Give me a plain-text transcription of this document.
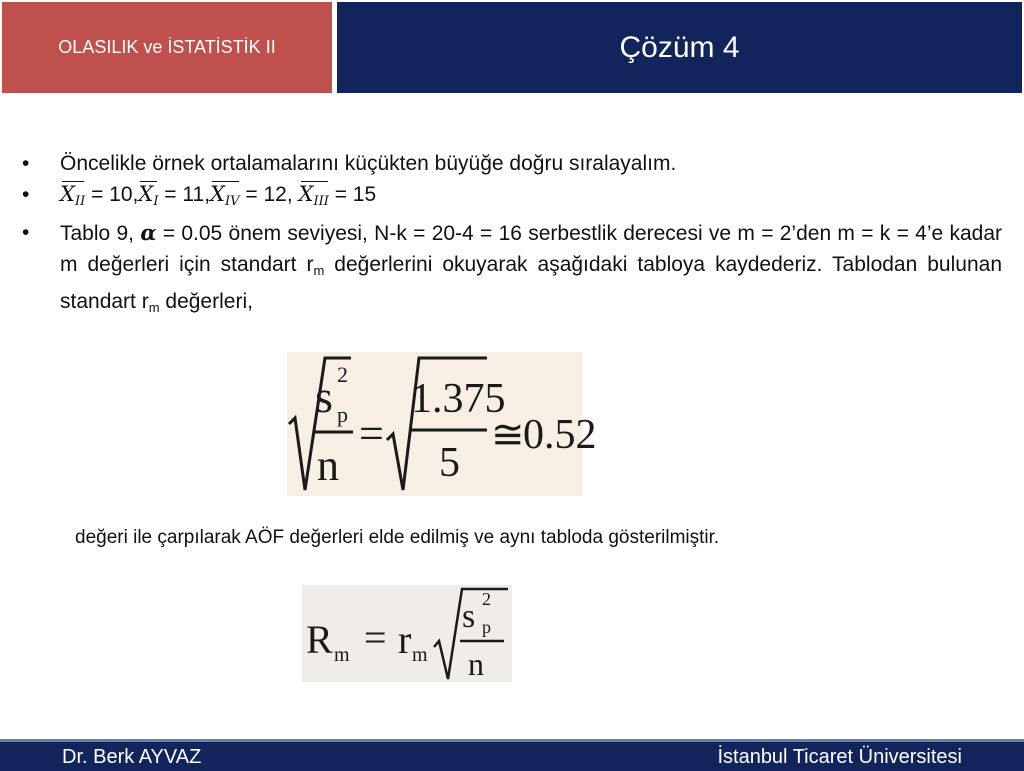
OLASILIK ve İSTATİSTİK II	Çözüm 4
• Öncelikle örnek ortalamalarını küçükten büyüğe doğru sıralayalım.
• $X_{II} = 10$,
$X_I = 11$,
$X_{IV} = 12$,
$X_{III} = 15$
• Tablo 9, α = 0.05 önem seviyesi, N-k = 20-4 = 16 serbestlik derecesi ve m = 2’den m = k = 4’e kadar m değerleri için standart $r_m$ değerlerini okuyarak aşağıdaki tabloya kaydederiz. Tablodan bulunan standart $r_m$ değerleri,
s 2
p
n
=
1.375
5
≅
0.52
değeri ile çarpılarak AÖF değerleri elde edilmiş ve aynı tabloda gösterilmiştir.
R m = r m
s 2
p
n
Dr. Berk AYVAZ	İstanbul Ticaret Üniversitesi
